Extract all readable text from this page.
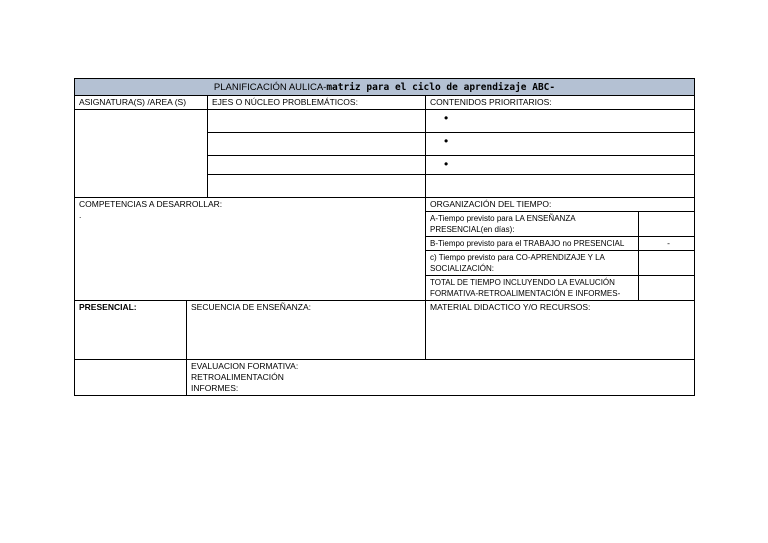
PLANIFICACIÓN AULICA-matriz para el ciclo de aprendizaje ABC-				
ASIGNATURA(S) /AREA (S)		EJES O NÚCLEO PROBLEMÁTICOS:	CONTENIDOS PRIORITARIOS:	
			•	
			•	
			•	

COMPETENCIAS A DESARROLLAR:
.			ORGANIZACIÓN DEL TIEMPO:	
			A-Tiempo previsto para LA ENSEÑANZA PRESENCIAL(en días):	
			B-Tiempo previsto para el TRABAJO no PRESENCIAL	-
			c) Tiempo previsto para CO-APRENDIZAJE Y LA SOCIALIZACIÓN:	
			TOTAL DE TIEMPO INCLUYENDO LA EVALUCIÓN FORMATIVA-RETROALIMENTACIÓN E INFORMES-	
PRESENCIAL:	SECUENCIA DE ENSEÑANZA:		MATERIAL DIDACTICO Y/O RECURSOS:	

	EVALUACION FORMATIVA:
RETROALIMENTACIÓN
INFORMES:			
